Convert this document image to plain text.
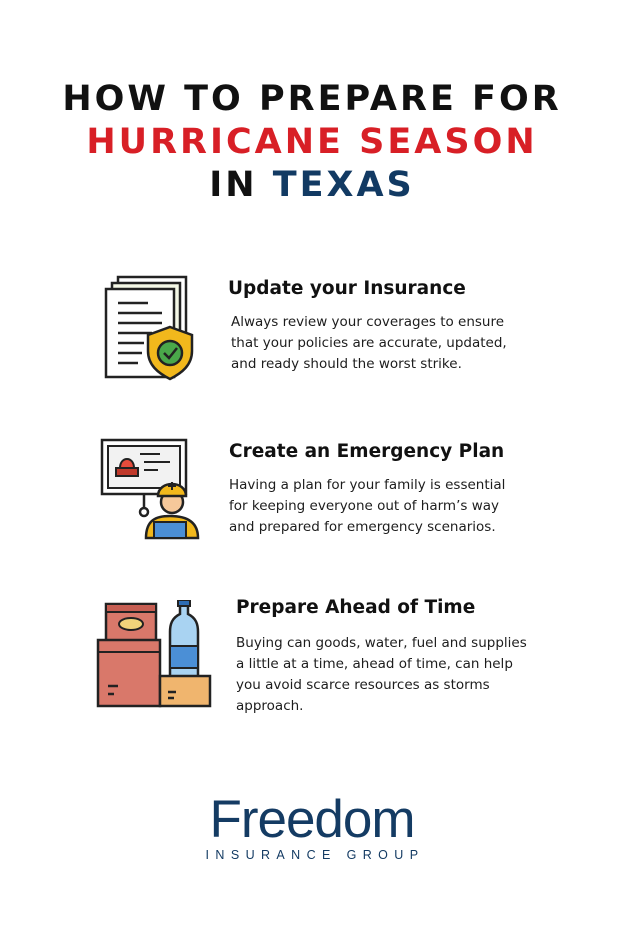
HOW TO PREPARE FOR
HURRICANE SEASON
IN TEXAS
Update your Insurance
Always review your coverages to ensure
that your policies are accurate, updated,
and ready should the worst strike.
Create an Emergency Plan
Having a plan for your family is essential
for keeping everyone out of harm’s way
and prepared for emergency scenarios.
Prepare Ahead of Time
Buying can goods, water, fuel and supplies
a little at a time, ahead of time, can help
you avoid scarce resources as storms
approach.
Freedom
INSURANCE GROUP
